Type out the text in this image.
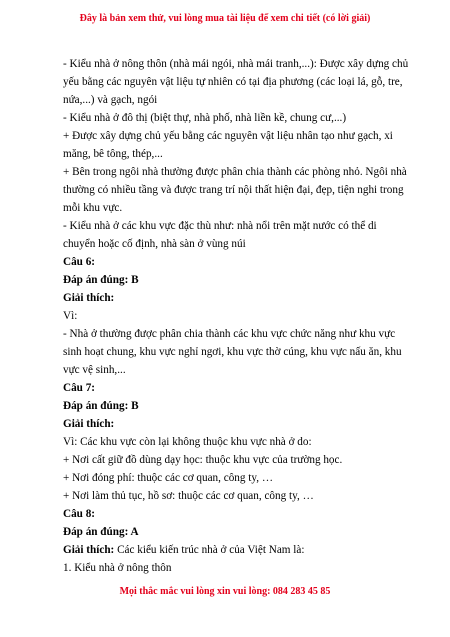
Đây là bản xem thử, vui lòng mua tài liệu để xem chi tiết (có lời giải)

- Kiểu nhà ở nông thôn (nhà mái ngói, nhà mái tranh,...): Được xây dựng chủ

yếu bằng các nguyên vật liệu tự nhiên có tại địa phương (các loại lá, gỗ, tre,

nứa,...) và gạch, ngói

- Kiểu nhà ở đô thị (biệt thự, nhà phố, nhà liền kề, chung cư,...)

+ Được xây dựng chủ yếu bằng các nguyên vật liệu nhân tạo như gạch, xi

măng, bê tông, thép,...

+ Bên trong ngôi nhà thường được phân chia thành các phòng nhỏ. Ngôi nhà

thường có nhiều tầng và được trang trí nội thất hiện đại, đẹp, tiện nghi trong

mỗi khu vực.

- Kiểu nhà ở các khu vực đặc thù như: nhà nổi trên mặt nước có thể di

chuyển hoặc cố định, nhà sàn ở vùng núi

Câu 6:

Đáp án đúng: B

Giải thích:

Vì:

- Nhà ở thường được phân chia thành các khu vực chức năng như khu vực

sinh hoạt chung, khu vực nghỉ ngơi, khu vực thờ cúng, khu vực nấu ăn, khu

vực vệ sinh,...

Câu 7:

Đáp án đúng: B

Giải thích:

Vì: Các khu vực còn lại không thuộc khu vực nhà ở do:

+ Nơi cất giữ đồ dùng dạy học: thuộc khu vực của trường học.

+ Nơi đóng phí: thuộc các cơ quan, công ty, …

+ Nơi làm thủ tục, hồ sơ: thuộc các cơ quan, công ty, …

Câu 8:

Đáp án đúng: A

Giải thích: Các kiểu kiến trúc nhà ở của Việt Nam là:

1. Kiểu nhà ở nông thôn

Mọi thắc mắc vui lòng xin vui lòng: 084 283 45 85
